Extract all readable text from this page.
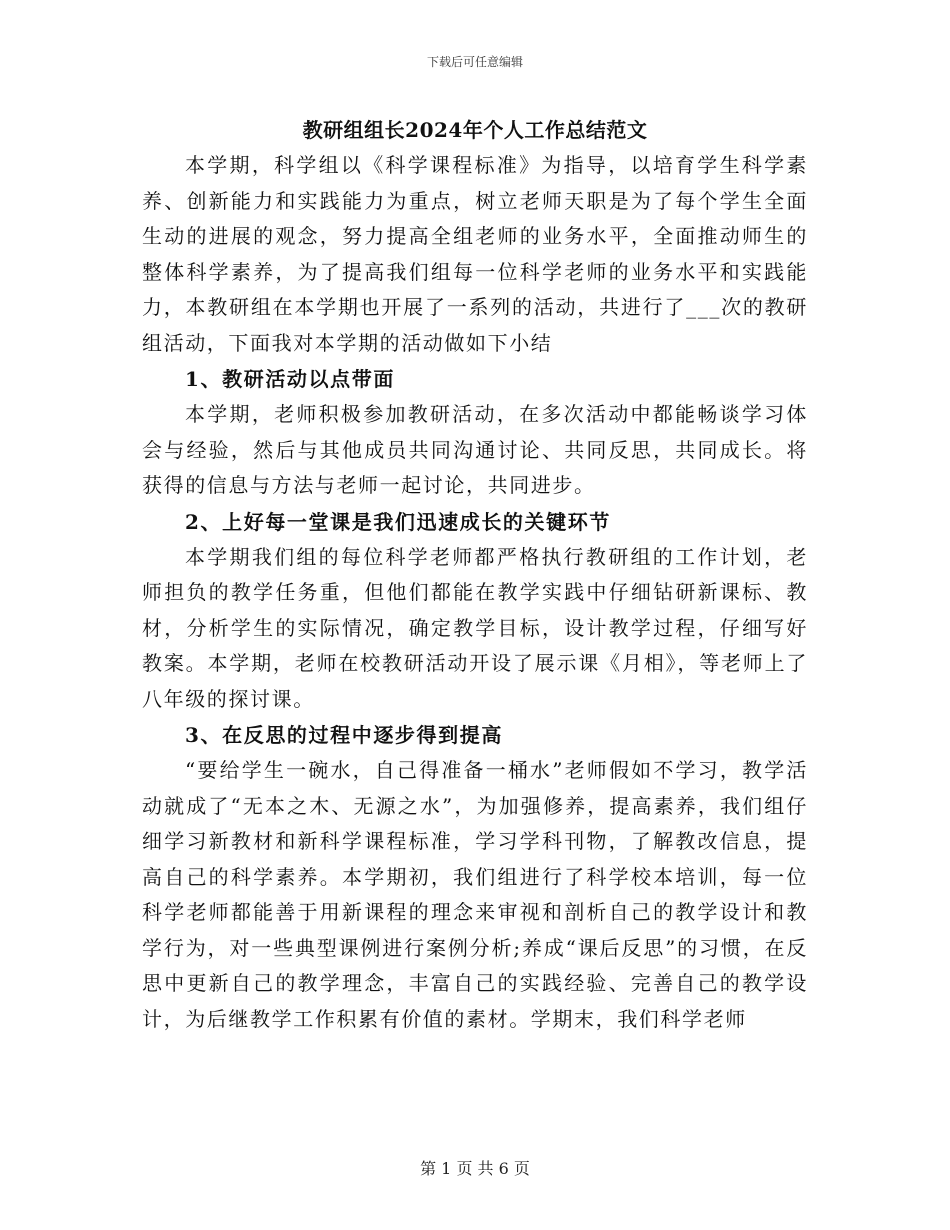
下载后可任意编辑
教研组组长2024年个人工作总结范文

本学期，科学组以《科学课程标准》为指导，以培育学生科学素养、创新能力和实践能力为重点，树立老师天职是为了每个学生全面生动的进展的观念，努力提高全组老师的业务水平，全面推动师生的整体科学素养，为了提高我们组每一位科学老师的业务水平和实践能力，本教研组在本学期也开展了一系列的活动，共进行了___次的教研组活动，下面我对本学期的活动做如下小结

1、教研活动以点带面

本学期，老师积极参加教研活动，在多次活动中都能畅谈学习体会与经验，然后与其他成员共同沟通讨论、共同反思，共同成长。将获得的信息与方法与老师一起讨论，共同进步。

2、上好每一堂课是我们迅速成长的关键环节

本学期我们组的每位科学老师都严格执行教研组的工作计划，老师担负的教学任务重，但他们都能在教学实践中仔细钻研新课标、教材，分析学生的实际情况，确定教学目标，设计教学过程，仔细写好教案。本学期，老师在校教研活动开设了展示课《月相》，等老师上了八年级的探讨课。

3、在反思的过程中逐步得到提高

“要给学生一碗水，自己得准备一桶水”老师假如不学习，教学活动就成了“无本之木、无源之水”，为加强修养，提高素养，我们组仔细学习新教材和新科学课程标准，学习学科刊物，了解教改信息，提高自己的科学素养。本学期初，我们组进行了科学校本培训，每一位科学老师都能善于用新课程的理念来审视和剖析自己的教学设计和教学行为，对一些典型课例进行案例分析;养成“课后反思”的习惯，在反思中更新自己的教学理念，丰富自己的实践经验、完善自己的教学设计，为后继教学工作积累有价值的素材。学期末，我们科学老师

第 1 页 共 6 页
